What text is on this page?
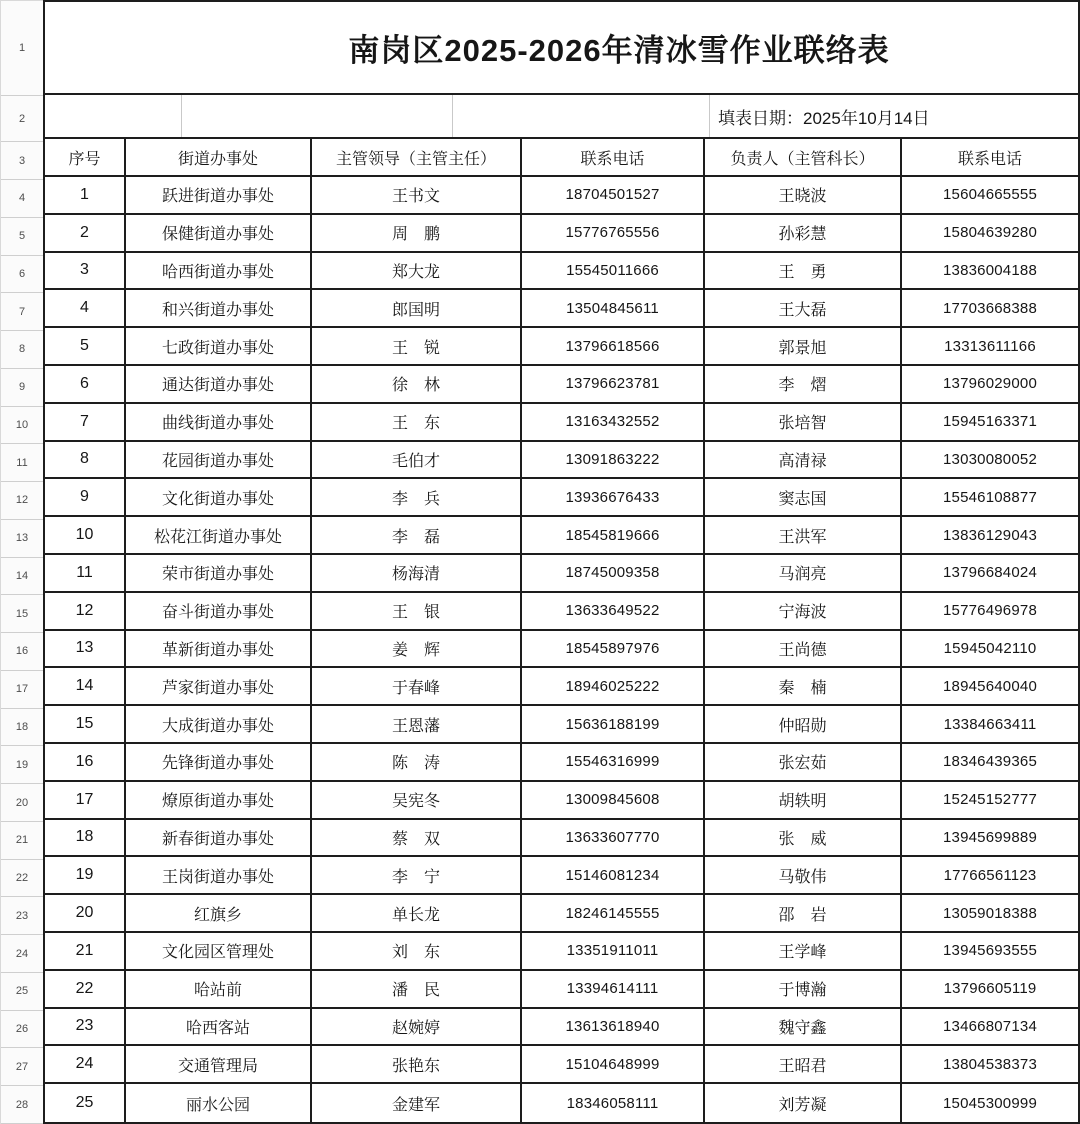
1
2
3
4
5
6
7
8
9
10
11
12
13
14
15
16
17
18
19
20
21
22
23
24
25
26
27
28
南岗区2025-2026年清冰雪作业联络表
填表日期：2025年10月14日
序号	街道办事处	主管领导（主管主任）	联系电话	负责人（主管科长）	联系电话
1	跃进街道办事处	王书文	18704501527	王晓波	15604665555
2	保健街道办事处	周　鹏	15776765556	孙彩慧	15804639280
3	哈西街道办事处	郑大龙	15545011666	王　勇	13836004188
4	和兴街道办事处	郎国明	13504845611	王大磊	17703668388
5	七政街道办事处	王　锐	13796618566	郭景旭	13313611166
6	通达街道办事处	徐　林	13796623781	李　熠	13796029000
7	曲线街道办事处	王　东	13163432552	张培智	15945163371
8	花园街道办事处	毛伯才	13091863222	高清禄	13030080052
9	文化街道办事处	李　兵	13936676433	窦志国	15546108877
10	松花江街道办事处	李　磊	18545819666	王洪军	13836129043
11	荣市街道办事处	杨海清	18745009358	马润亮	13796684024
12	奋斗街道办事处	王　银	13633649522	宁海波	15776496978
13	革新街道办事处	姜　辉	18545897976	王尚德	15945042110
14	芦家街道办事处	于春峰	18946025222	秦　楠	18945640040
15	大成街道办事处	王恩藩	15636188199	仲昭勋	13384663411
16	先锋街道办事处	陈　涛	15546316999	张宏茹	18346439365
17	燎原街道办事处	吴宪冬	13009845608	胡轶明	15245152777
18	新春街道办事处	蔡　双	13633607770	张　威	13945699889
19	王岗街道办事处	李　宁	15146081234	马敬伟	17766561123
20	红旗乡	单长龙	18246145555	邵　岩	13059018388
21	文化园区管理处	刘　东	13351911011	王学峰	13945693555
22	哈站前	潘　民	13394614111	于博瀚	13796605119
23	哈西客站	赵婉婷	13613618940	魏守鑫	13466807134
24	交通管理局	张艳东	15104648999	王昭君	13804538373
25	丽水公园	金建军	18346058111	刘芳凝	15045300999
